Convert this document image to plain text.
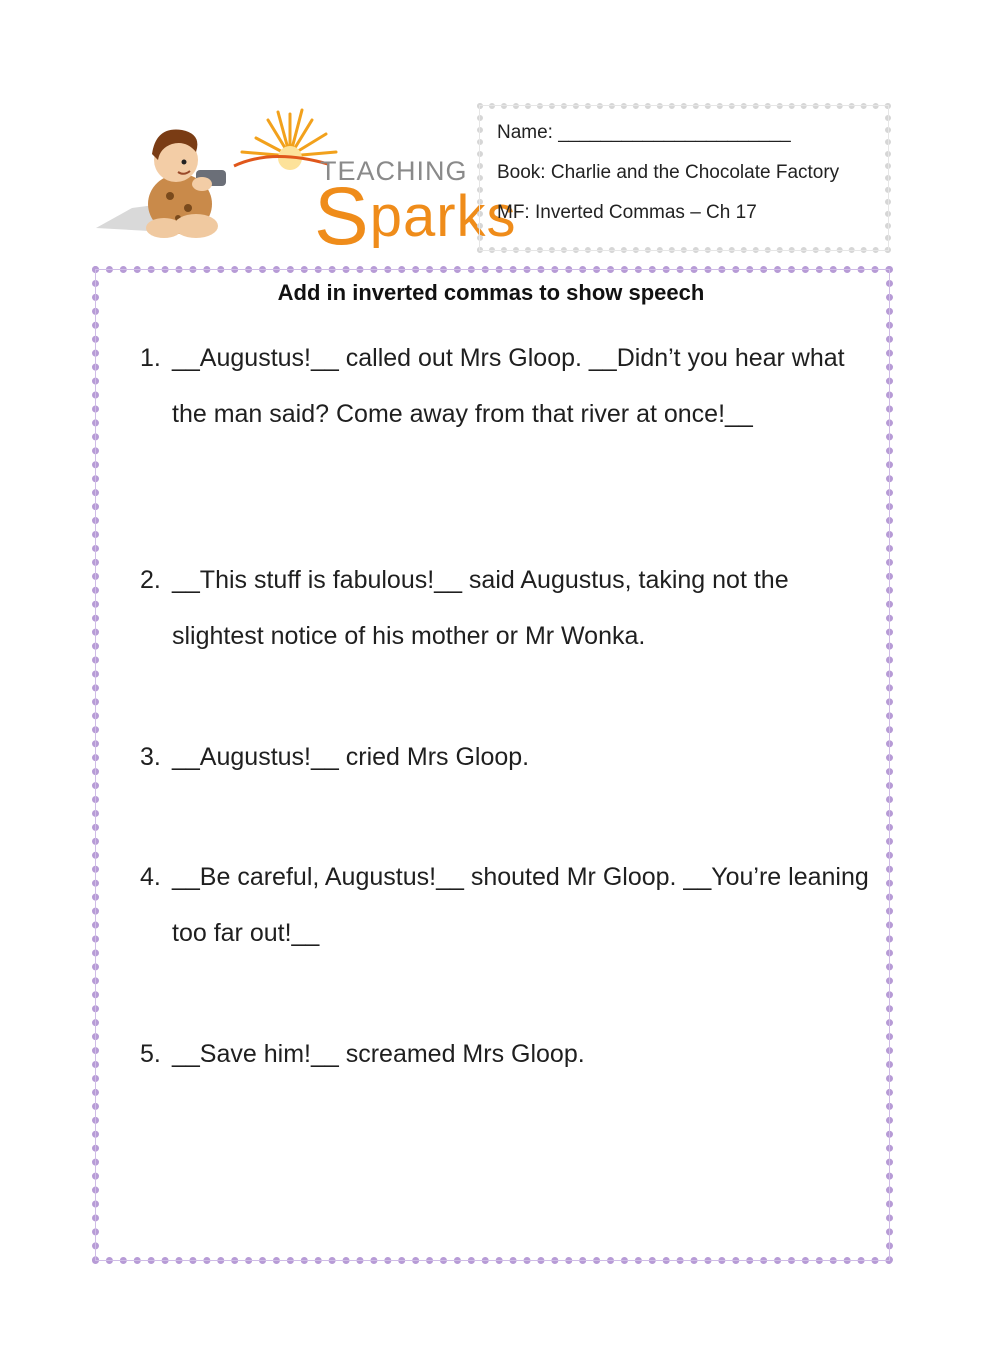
TEACHING
Sparks
Name: ______________________
Book: Charlie and the Chocolate Factory
MF: Inverted Commas – Ch 17
Add in inverted commas to show speech
1. __Augustus!__ called out Mrs Gloop. __Didn’t you hear what the man said? Come away from that river at once!__
2. __This stuff is fabulous!__ said Augustus, taking not the slightest notice of his mother or Mr Wonka.
3. __Augustus!__ cried Mrs Gloop.
4. __Be careful, Augustus!__ shouted Mr Gloop. __You’re leaning too far out!__
5. __Save him!__ screamed Mrs Gloop.
